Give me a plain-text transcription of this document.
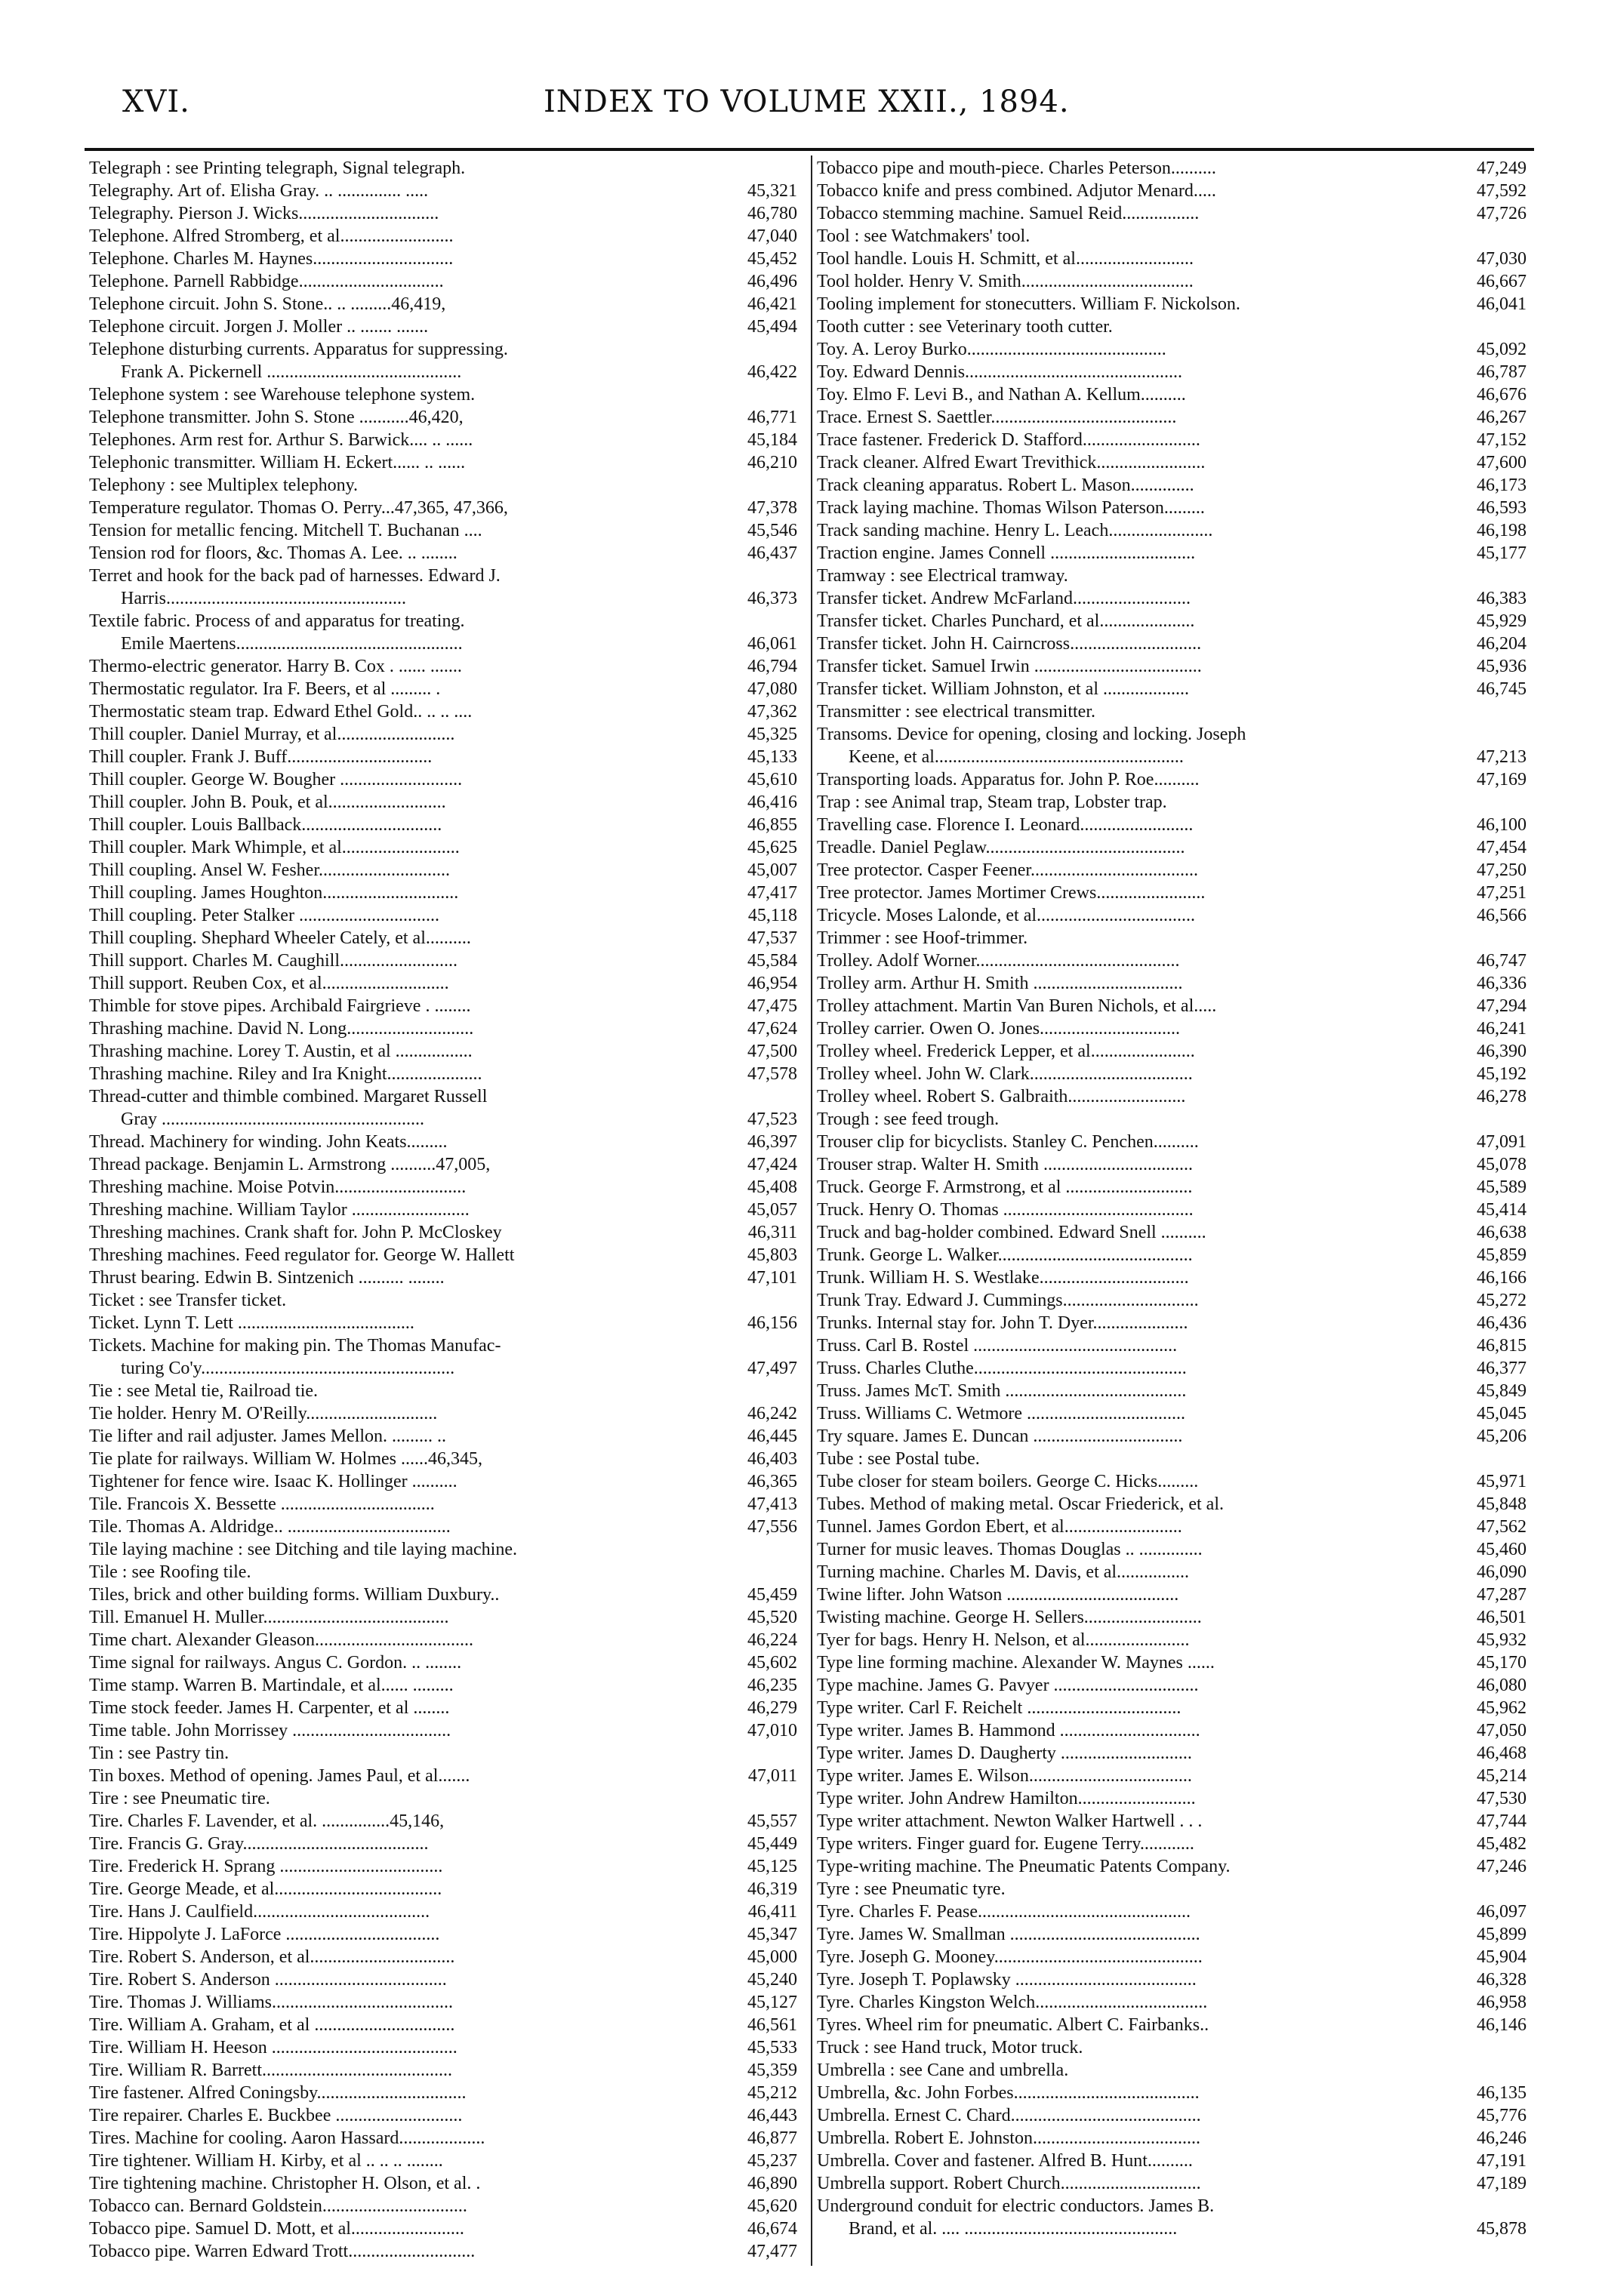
XVI.	INDEX TO VOLUME XXII., 1894.
Telegraph : see Printing telegraph, Signal telegraph.
Telegraphy. Art of. Elisha Gray. .. .............. .....	45,321
Telegraphy. Pierson J. Wicks...............................	46,780
Telephone. Alfred Stromberg, et al.........................	47,040
Telephone. Charles M. Haynes...............................	45,452
Telephone. Parnell Rabbidge................................	46,496
Telephone circuit. John S. Stone.. .. .........46,419,	46,421
Telephone circuit. Jorgen J. Moller .. ....... .......	45,494
Telephone disturbing currents. Apparatus for suppressing.
Frank A. Pickernell ...........................................	46,422
Telephone system : see Warehouse telephone system.
Telephone transmitter. John S. Stone ...........46,420,	46,771
Telephones. Arm rest for. Arthur S. Barwick.... .. ......	45,184
Telephonic transmitter. William H. Eckert...... .. ......	46,210
Telephony : see Multiplex telephony.
Temperature regulator. Thomas O. Perry...47,365, 47,366,	47,378
Tension for metallic fencing. Mitchell T. Buchanan ....	45,546
Tension rod for floors, &c. Thomas A. Lee. .. ........	46,437
Terret and hook for the back pad of harnesses. Edward J.
Harris.....................................................	46,373
Textile fabric. Process of and apparatus for treating.
Emile Maertens..................................................	46,061
Thermo-electric generator. Harry B. Cox . ...... .......	46,794
Thermostatic regulator. Ira F. Beers, et al ......... .	47,080
Thermostatic steam trap. Edward Ethel Gold.. .. .. ....	47,362
Thill coupler. Daniel Murray, et al..........................	45,325
Thill coupler. Frank J. Buff................................	45,133
Thill coupler. George W. Bougher ...........................	45,610
Thill coupler. John B. Pouk, et al..........................	46,416
Thill coupler. Louis Ballback...............................	46,855
Thill coupler. Mark Whimple, et al..........................	45,625
Thill coupling. Ansel W. Fesher.............................	45,007
Thill coupling. James Houghton..............................	47,417
Thill coupling. Peter Stalker ...............................	45,118
Thill coupling. Shephard Wheeler Cately, et al..........	47,537
Thill support. Charles M. Caughill..........................	45,584
Thill support. Reuben Cox, et al............................	46,954
Thimble for stove pipes. Archibald Fairgrieve . ........	47,475
Thrashing machine. David N. Long............................	47,624
Thrashing machine. Lorey T. Austin, et al .................	47,500
Thrashing machine. Riley and Ira Knight.....................	47,578
Thread-cutter and thimble combined. Margaret Russell
Gray ..........................................................	47,523
Thread. Machinery for winding. John Keats.........	46,397
Thread package. Benjamin L. Armstrong ..........47,005,	47,424
Threshing machine. Moise Potvin.............................	45,408
Threshing machine. William Taylor ..........................	45,057
Threshing machines. Crank shaft for. John P. McCloskey	46,311
Threshing machines. Feed regulator for. George W. Hallett	45,803
Thrust bearing. Edwin B. Sintzenich .......... ........	47,101
Ticket : see Transfer ticket.
Ticket. Lynn T. Lett .......................................	46,156
Tickets. Machine for making pin. The Thomas Manufac-
turing Co'y........................................................	47,497
Tie : see Metal tie, Railroad tie.
Tie holder. Henry M. O'Reilly.............................	46,242
Tie lifter and rail adjuster. James Mellon. ......... ..	46,445
Tie plate for railways. William W. Holmes ......46,345,	46,403
Tightener for fence wire. Isaac K. Hollinger ..........	46,365
Tile. Francois X. Bessette ..................................	47,413
Tile. Thomas A. Aldridge.. ....................................	47,556
Tile laying machine : see Ditching and tile laying machine.
Tile : see Roofing tile.
Tiles, brick and other building forms. William Duxbury..	45,459
Till. Emanuel H. Muller.........................................	45,520
Time chart. Alexander Gleason...................................	46,224
Time signal for railways. Angus C. Gordon. .. ........	45,602
Time stamp. Warren B. Martindale, et al...... .........	46,235
Time stock feeder. James H. Carpenter, et al ........	46,279
Time table. John Morrissey ...................................	47,010
Tin : see Pastry tin.
Tin boxes. Method of opening. James Paul, et al.......	47,011
Tire : see Pneumatic tire.
Tire. Charles F. Lavender, et al. ...............45,146,	45,557
Tire. Francis G. Gray.........................................	45,449
Tire. Frederick H. Sprang ....................................	45,125
Tire. George Meade, et al.....................................	46,319
Tire. Hans J. Caulfield.......................................	46,411
Tire. Hippolyte J. LaForce ..................................	45,347
Tire. Robert S. Anderson, et al................................	45,000
Tire. Robert S. Anderson ......................................	45,240
Tire. Thomas J. Williams........................................	45,127
Tire. William A. Graham, et al ...............................	46,561
Tire. William H. Heeson .........................................	45,533
Tire. William R. Barrett..........................................	45,359
Tire fastener. Alfred Coningsby.................................	45,212
Tire repairer. Charles E. Buckbee ............................	46,443
Tires. Machine for cooling. Aaron Hassard...................	46,877
Tire tightener. William H. Kirby, et al .. .. .. ........	45,237
Tire tightening machine. Christopher H. Olson, et al. .	46,890
Tobacco can. Bernard Goldstein................................	45,620
Tobacco pipe. Samuel D. Mott, et al.........................	46,674
Tobacco pipe. Warren Edward Trott............................	47,477
Tobacco pipe and mouth-piece. Charles Peterson..........	47,249
Tobacco knife and press combined. Adjutor Menard.....	47,592
Tobacco stemming machine. Samuel Reid.................	47,726
Tool : see Watchmakers' tool.
Tool handle. Louis H. Schmitt, et al..........................	47,030
Tool holder. Henry V. Smith......................................	46,667
Tooling implement for stonecutters. William F. Nickolson.	46,041
Tooth cutter : see Veterinary tooth cutter.
Toy. A. Leroy Burko............................................	45,092
Toy. Edward Dennis................................................	46,787
Toy. Elmo F. Levi B., and Nathan A. Kellum..........	46,676
Trace. Ernest S. Saettler.........................................	46,267
Trace fastener. Frederick D. Stafford..........................	47,152
Track cleaner. Alfred Ewart Trevithick........................	47,600
Track cleaning apparatus. Robert L. Mason..............	46,173
Track laying machine. Thomas Wilson Paterson.........	46,593
Track sanding machine. Henry L. Leach.......................	46,198
Traction engine. James Connell ................................	45,177
Tramway : see Electrical tramway.
Transfer ticket. Andrew McFarland..........................	46,383
Transfer ticket. Charles Punchard, et al.....................	45,929
Transfer ticket. John H. Cairncross.............................	46,204
Transfer ticket. Samuel Irwin .....................................	45,936
Transfer ticket. William Johnston, et al ...................	46,745
Transmitter : see electrical transmitter.
Transoms. Device for opening, closing and locking. Joseph
Keene, et al.......................................................	47,213
Transporting loads. Apparatus for. John P. Roe..........	47,169
Trap : see Animal trap, Steam trap, Lobster trap.
Travelling case. Florence I. Leonard.........................	46,100
Treadle. Daniel Peglaw............................................	47,454
Tree protector. Casper Feener.....................................	47,250
Tree protector. James Mortimer Crews........................	47,251
Tricycle. Moses Lalonde, et al...................................	46,566
Trimmer : see Hoof-trimmer.
Trolley. Adolf Worner.............................................	46,747
Trolley arm. Arthur H. Smith .................................	46,336
Trolley attachment. Martin Van Buren Nichols, et al.....	47,294
Trolley carrier. Owen O. Jones...............................	46,241
Trolley wheel. Frederick Lepper, et al.......................	46,390
Trolley wheel. John W. Clark....................................	45,192
Trolley wheel. Robert S. Galbraith..........................	46,278
Trough : see feed trough.
Trouser clip for bicyclists. Stanley C. Penchen..........	47,091
Trouser strap. Walter H. Smith .................................	45,078
Truck. George F. Armstrong, et al ............................	45,589
Truck. Henry O. Thomas ..........................................	45,414
Truck and bag-holder combined. Edward Snell ..........	46,638
Trunk. George L. Walker...........................................	45,859
Trunk. William H. S. Westlake.................................	46,166
Trunk Tray. Edward J. Cummings..............................	45,272
Trunks. Internal stay for. John T. Dyer.....................	46,436
Truss. Carl B. Rostel .............................................	46,815
Truss. Charles Cluthe...............................................	46,377
Truss. James McT. Smith ........................................	45,849
Truss. Williams C. Wetmore ...................................	45,045
Try square. James E. Duncan .................................	45,206
Tube : see Postal tube.
Tube closer for steam boilers. George C. Hicks.........	45,971
Tubes. Method of making metal. Oscar Friederick, et al.	45,848
Tunnel. James Gordon Ebert, et al..........................	47,562
Turner for music leaves. Thomas Douglas .. ..............	45,460
Turning machine. Charles M. Davis, et al................	46,090
Twine lifter. John Watson ......................................	47,287
Twisting machine. George H. Sellers..........................	46,501
Tyer for bags. Henry H. Nelson, et al.......................	45,932
Type line forming machine. Alexander W. Maynes ......	45,170
Type machine. James G. Pavyer ................................	46,080
Type writer. Carl F. Reichelt ..................................	45,962
Type writer. James B. Hammond ...............................	47,050
Type writer. James D. Daugherty .............................	46,468
Type writer. James E. Wilson....................................	45,214
Type writer. John Andrew Hamilton..........................	47,530
Type writer attachment. Newton Walker Hartwell . . .	47,744
Type writers. Finger guard for. Eugene Terry............	45,482
Type-writing machine. The Pneumatic Patents Company.	47,246
Tyre : see Pneumatic tyre.
Tyre. Charles F. Pease...............................................	46,097
Tyre. James W. Smallman ..........................................	45,899
Tyre. Joseph G. Mooney..............................................	45,904
Tyre. Joseph T. Poplawsky ........................................	46,328
Tyre. Charles Kingston Welch......................................	46,958
Tyres. Wheel rim for pneumatic. Albert C. Fairbanks..	46,146
Truck : see Hand truck, Motor truck.
Umbrella : see Cane and umbrella.
Umbrella, &c. John Forbes.........................................	46,135
Umbrella. Ernest C. Chard..........................................	45,776
Umbrella. Robert E. Johnston.....................................	46,246
Umbrella. Cover and fastener. Alfred B. Hunt..........	47,191
Umbrella support. Robert Church...............................	47,189
Underground conduit for electric conductors. James B.
Brand, et al. .... ...............................................	45,878
